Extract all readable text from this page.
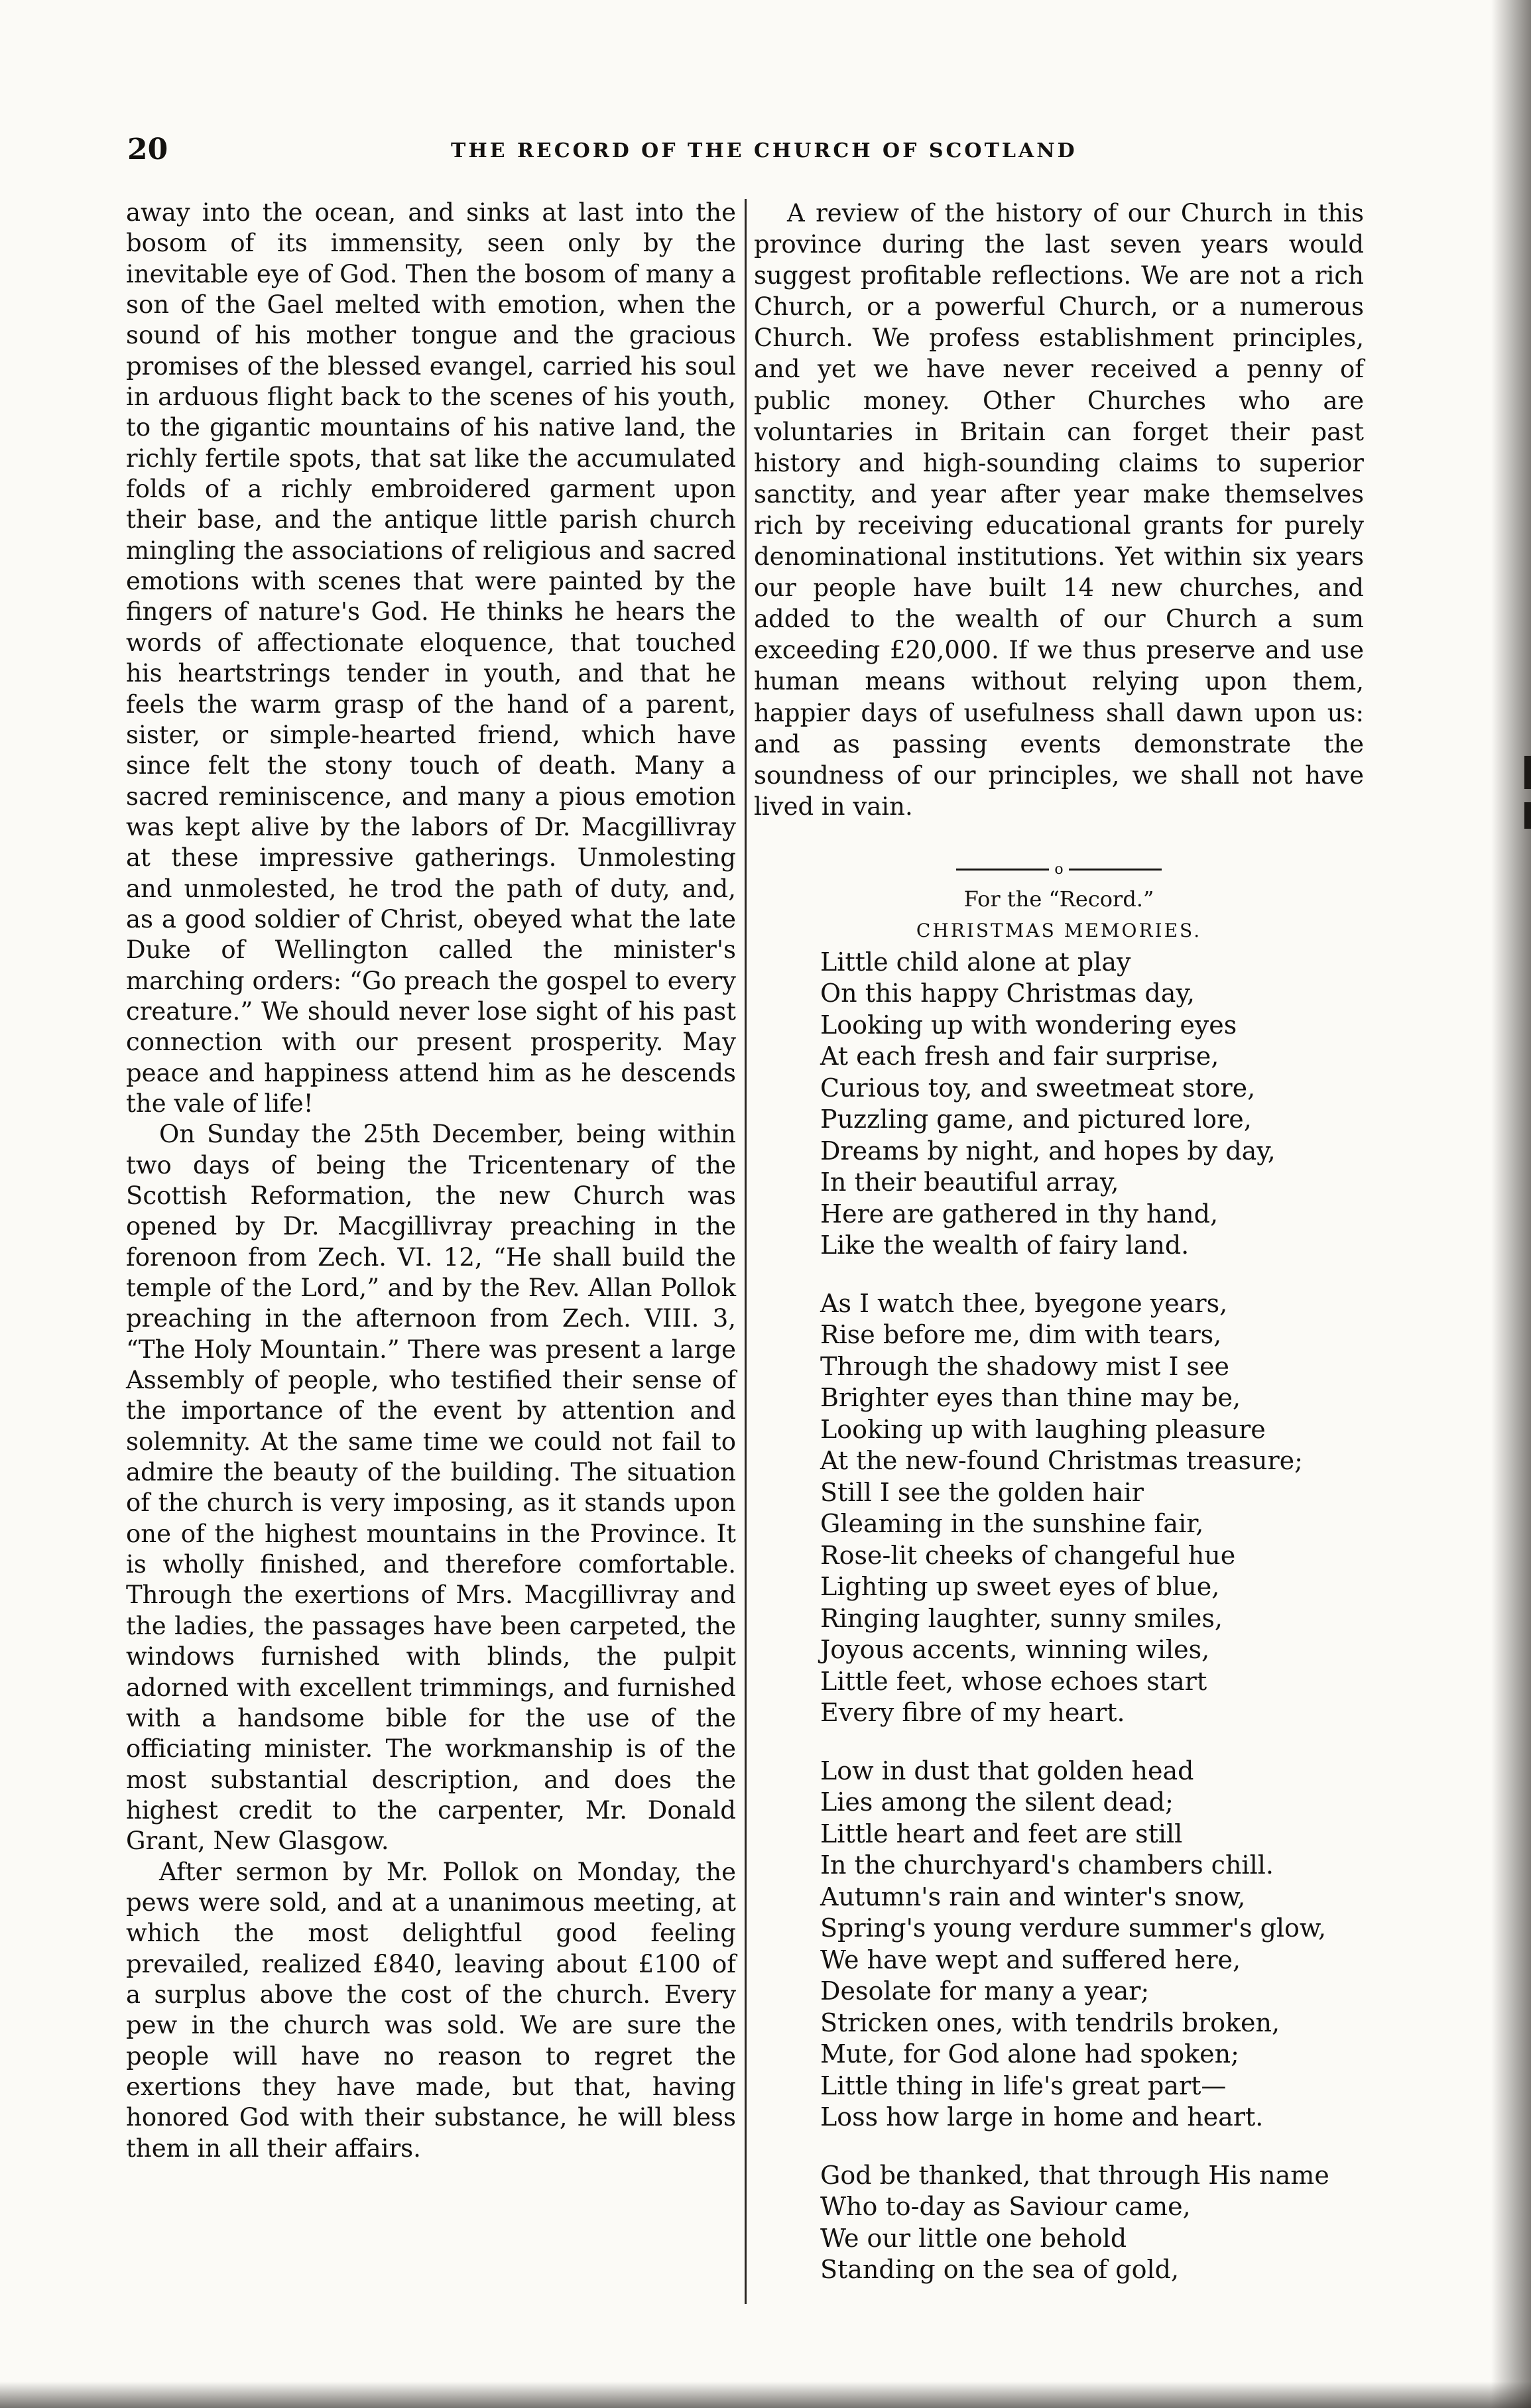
20	THE RECORD OF THE CHURCH OF SCOTLAND

away into the ocean, and sinks at last into the bosom of its immensity, seen only by the inevitable eye of God. Then the bosom of many a son of the Gael melted with emotion, when the sound of his mother tongue and the gracious promises of the blessed evangel, carried his soul in arduous flight back to the scenes of his youth, to the gigantic mountains of his native land, the richly fertile spots, that sat like the accumulated folds of a richly embroidered garment upon their base, and the antique little parish church mingling the associations of religious and sacred emotions with scenes that were painted by the fingers of nature's God. He thinks he hears the words of affectionate eloquence, that touched his heartstrings tender in youth, and that he feels the warm grasp of the hand of a parent, sister, or simple-hearted friend, which have since felt the stony touch of death. Many a sacred reminiscence, and many a pious emotion was kept alive by the labors of Dr. Macgillivray at these impressive gatherings. Unmolesting and unmolested, he trod the path of duty, and, as a good soldier of Christ, obeyed what the late Duke of Wellington called the minister's marching orders: “Go preach the gospel to every creature.” We should never lose sight of his past connection with our present prosperity. May peace and happiness attend him as he descends the vale of life!

On Sunday the 25th December, being within two days of being the Tricentenary of the Scottish Reformation, the new Church was opened by Dr. Macgillivray preaching in the forenoon from Zech. VI. 12, “He shall build the temple of the Lord,” and by the Rev. Allan Pollok preaching in the afternoon from Zech. VIII. 3, “The Holy Mountain.” There was present a large Assembly of people, who testified their sense of the importance of the event by attention and solemnity. At the same time we could not fail to admire the beauty of the building. The situation of the church is very imposing, as it stands upon one of the highest mountains in the Province. It is wholly finished, and therefore comfortable. Through the exertions of Mrs. Macgillivray and the ladies, the passages have been carpeted, the windows furnished with blinds, the pulpit adorned with excellent trimmings, and furnished with a handsome bible for the use of the officiating minister. The workmanship is of the most substantial description, and does the highest credit to the carpenter, Mr. Donald Grant, New Glasgow.

After sermon by Mr. Pollok on Monday, the pews were sold, and at a unanimous meeting, at which the most delightful good feeling prevailed, realized £840, leaving about £100 of a surplus above the cost of the church. Every pew in the church was sold. We are sure the people will have no reason to regret the exertions they have made, but that, having honored God with their substance, he will bless them in all their affairs.

A review of the history of our Church in this province during the last seven years would suggest profitable reflections. We are not a rich Church, or a powerful Church, or a numerous Church. We profess establishment principles, and yet we have never received a penny of public money. Other Churches who are voluntaries in Britain can forget their past history and high-sounding claims to superior sanctity, and year after year make themselves rich by receiving educational grants for purely denominational institutions. Yet within six years our people have built 14 new churches, and added to the wealth of our Church a sum exceeding £20,000. If we thus preserve and use human means without relying upon them, happier days of usefulness shall dawn upon us: and as passing events demonstrate the soundness of our principles, we shall not have lived in vain.

o
For the “Record.”
CHRISTMAS MEMORIES.
Little child alone at play
On this happy Christmas day,
Looking up with wondering eyes
At each fresh and fair surprise,
Curious toy, and sweetmeat store,
Puzzling game, and pictured lore,
Dreams by night, and hopes by day,
In their beautiful array,
Here are gathered in thy hand,
Like the wealth of fairy land.
As I watch thee, byegone years,
Rise before me, dim with tears,
Through the shadowy mist I see
Brighter eyes than thine may be,
Looking up with laughing pleasure
At the new-found Christmas treasure;
Still I see the golden hair
Gleaming in the sunshine fair,
Rose-lit cheeks of changeful hue
Lighting up sweet eyes of blue,
Ringing laughter, sunny smiles,
Joyous accents, winning wiles,
Little feet, whose echoes start
Every fibre of my heart.
Low in dust that golden head
Lies among the silent dead;
Little heart and feet are still
In the churchyard's chambers chill.
Autumn's rain and winter's snow,
Spring's young verdure summer's glow,
We have wept and suffered here,
Desolate for many a year;
Stricken ones, with tendrils broken,
Mute, for God alone had spoken;
Little thing in life's great part—
Loss how large in home and heart.
God be thanked, that through His name
Who to-day as Saviour came,
We our little one behold
Standing on the sea of gold,
